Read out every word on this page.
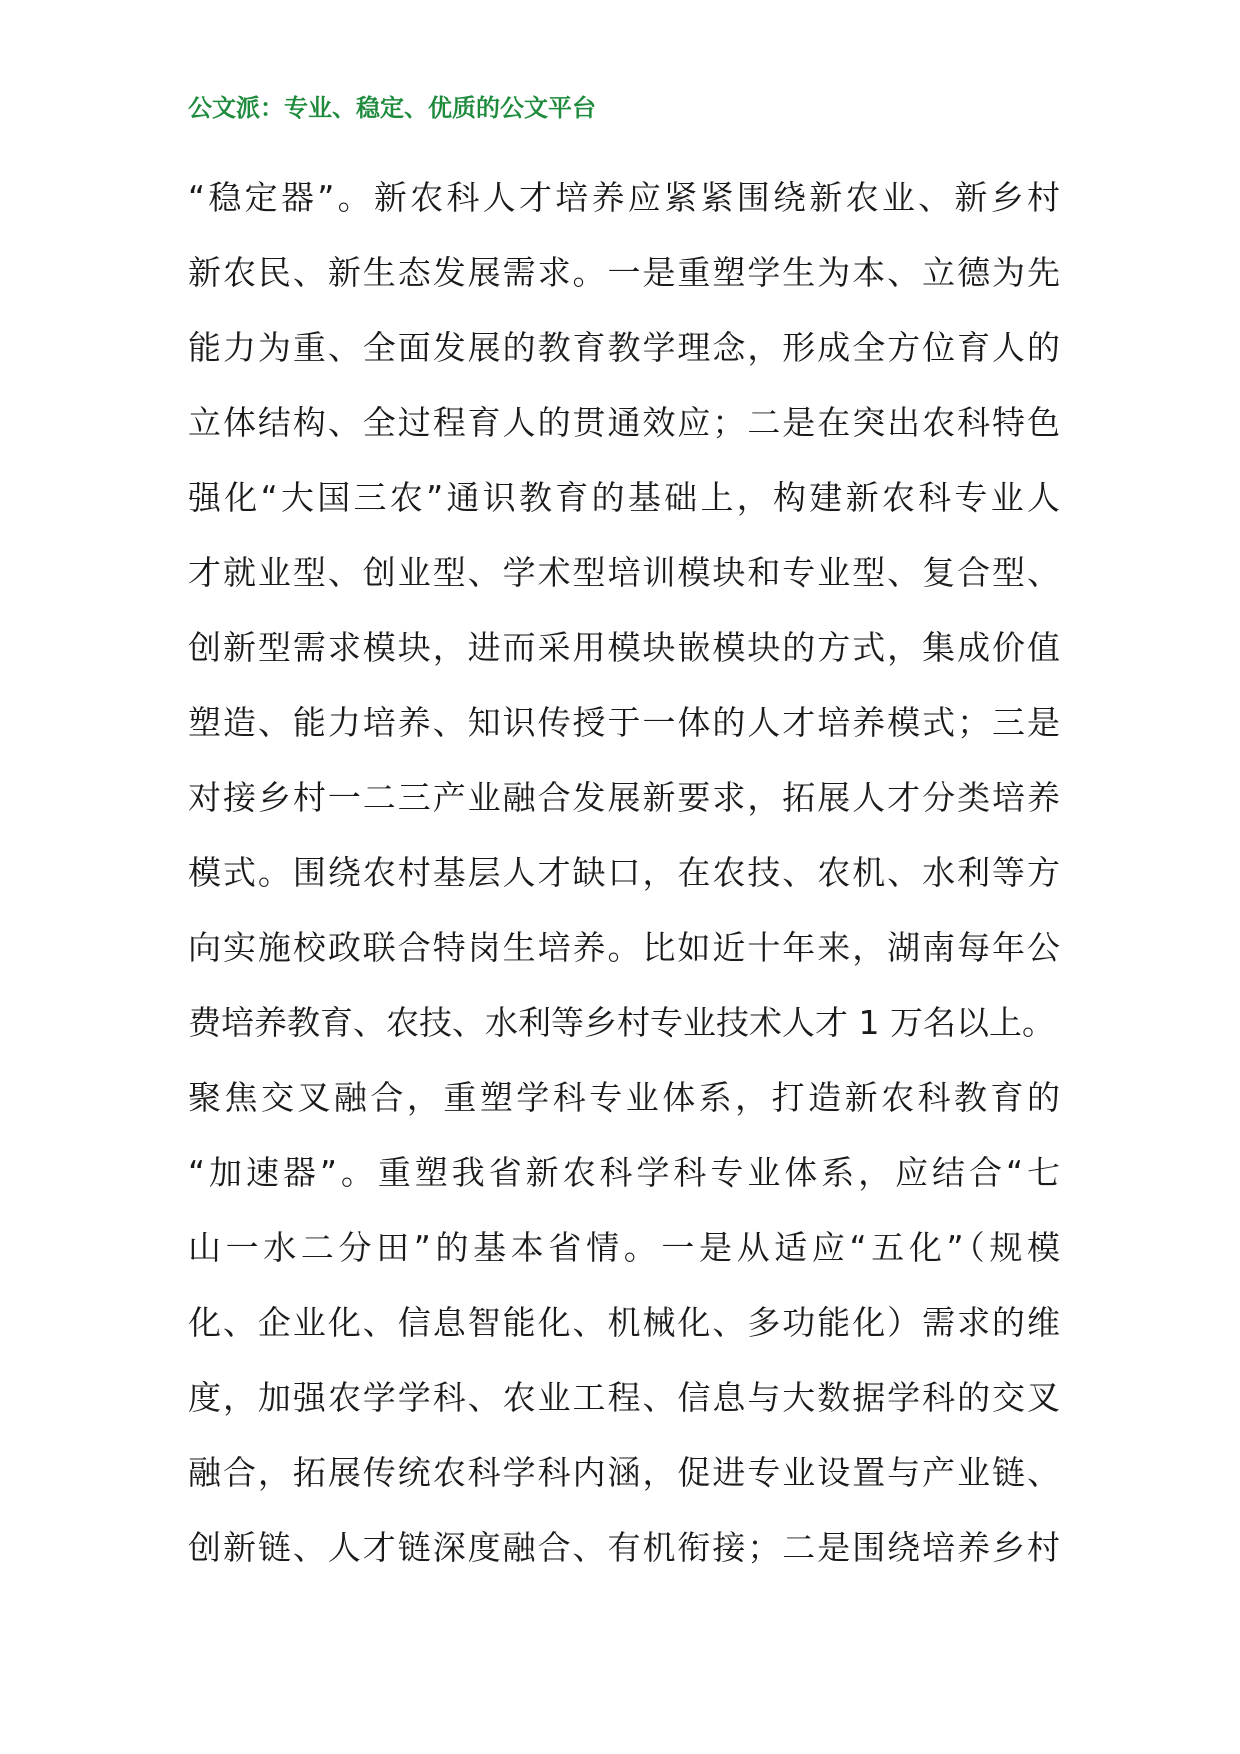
公文派：专业、稳定、优质的公文平台
“稳定器”。新农科人才培养应紧紧围绕新农业、新乡村
新农民、新生态发展需求。一是重塑学生为本、立德为先
能力为重、全面发展的教育教学理念，形成全方位育人的
立体结构、全过程育人的贯通效应；二是在突出农科特色
强化“大国三农”通识教育的基础上，构建新农科专业人
才就业型、创业型、学术型培训模块和专业型、复合型、
创新型需求模块，进而采用模块嵌模块的方式，集成价值
塑造、能力培养、知识传授于一体的人才培养模式；三是
对接乡村一二三产业融合发展新要求，拓展人才分类培养
模式。围绕农村基层人才缺口，在农技、农机、水利等方
向实施校政联合特岗生培养。比如近十年来，湖南每年公
费培养教育、农技、水利等乡村专业技术人才 1 万名以上。
聚焦交叉融合，重塑学科专业体系，打造新农科教育的
“加速器”。重塑我省新农科学科专业体系，应结合“七
山一水二分田”的基本省情。一是从适应“五化”（规模
化、企业化、信息智能化、机械化、多功能化）需求的维
度，加强农学学科、农业工程、信息与大数据学科的交叉
融合，拓展传统农科学科内涵，促进专业设置与产业链、
创新链、人才链深度融合、有机衔接；二是围绕培养乡村
